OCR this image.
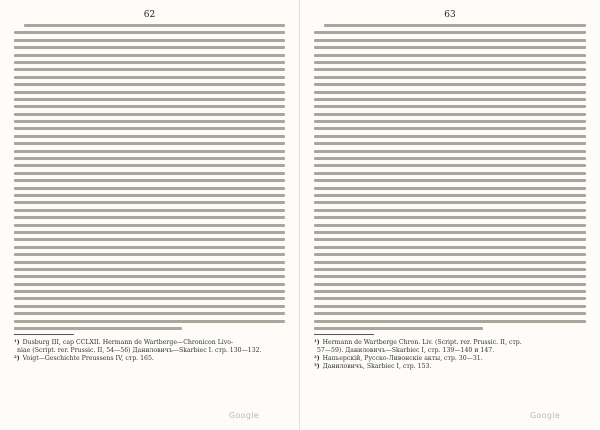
62
¹) Dusburg III, cap CCLXII. Hermann de Wartberge—Chronicon Livo-
niae (Script. rer. Prussic. II, 54—56) Даниловичъ—Skarbiec I. стр. 130—132.
²) Voigt—Geschichte Preussens IV, стр. 165.
Google
63
¹) Hermann de Wartberge Chron. Liv. (Script. rer. Prussic. II, стр.
57—59). Даниловичъ—Skarbiec I, стр. 139—140 и 147.
²) Напьерскій, Русско-Ливонскіе акты, стр. 30—31.
³) Даниловичъ, Skarbiec I, стр. 153.
Google
